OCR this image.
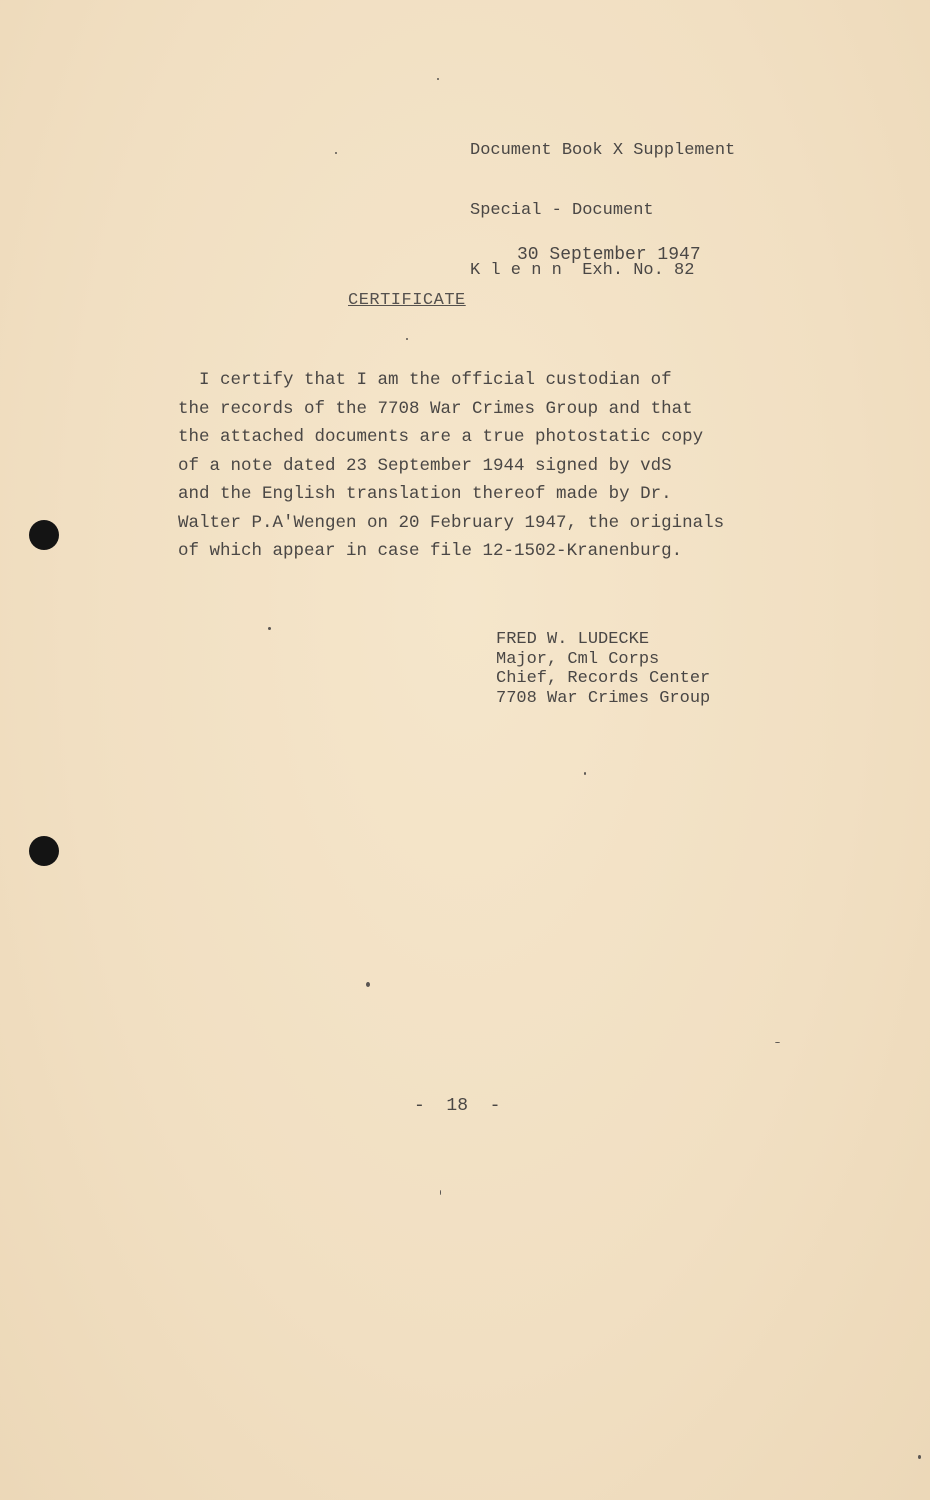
Document Book X Supplement

Special - Document

K l e n n  Exh. No. 82

30 September 1947
CERTIFICATE
I certify that I am the official custodian of
the records of the 7708 War Crimes Group and that
the attached documents are a true photostatic copy
of a note dated 23 September 1944 signed by vdS
and the English translation thereof made by Dr.
Walter P.A'Wengen on 20 February 1947, the originals
of which appear in case file 12-1502-Kranenburg.
FRED W. LUDECKE
Major, Cml Corps
Chief, Records Center
7708 War Crimes Group
-  18  -
